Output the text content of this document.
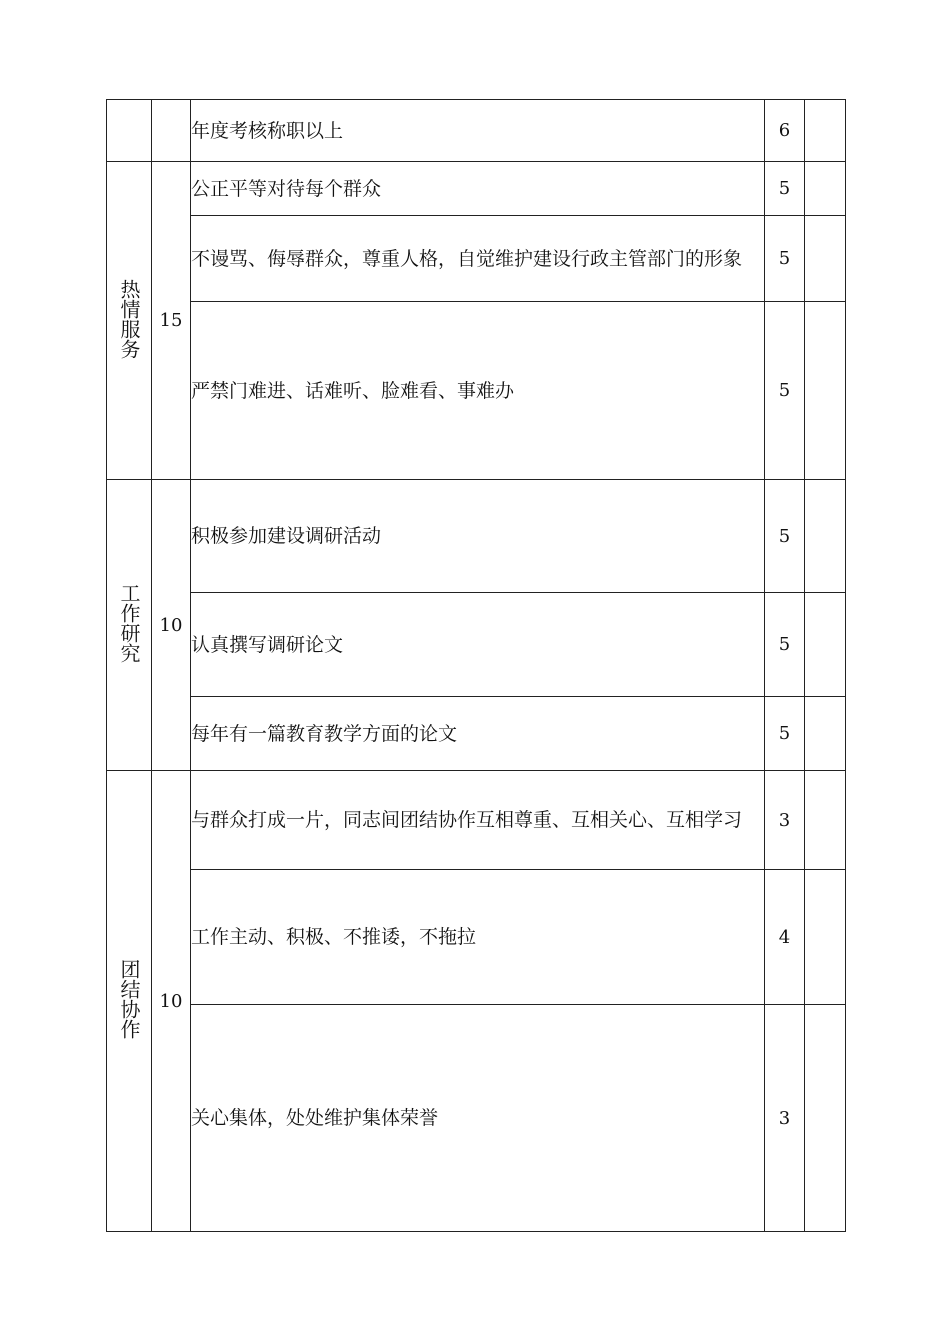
		年度考核称职以上	6	
热情服务	15	公正平等对待每个群众	5	
		不谩骂、侮辱群众，尊重人格，自觉维护建设行政主管部门的形象	5	
		严禁门难进、话难听、脸难看、事难办	5	
工作研究	10	积极参加建设调研活动	5	
		认真撰写调研论文	5	
		每年有一篇教育教学方面的论文	5	
团结协作	10	与群众打成一片，同志间团结协作互相尊重、互相关心、互相学习	3	
		工作主动、积极、不推诿，不拖拉	4	
		关心集体，处处维护集体荣誉	3	
